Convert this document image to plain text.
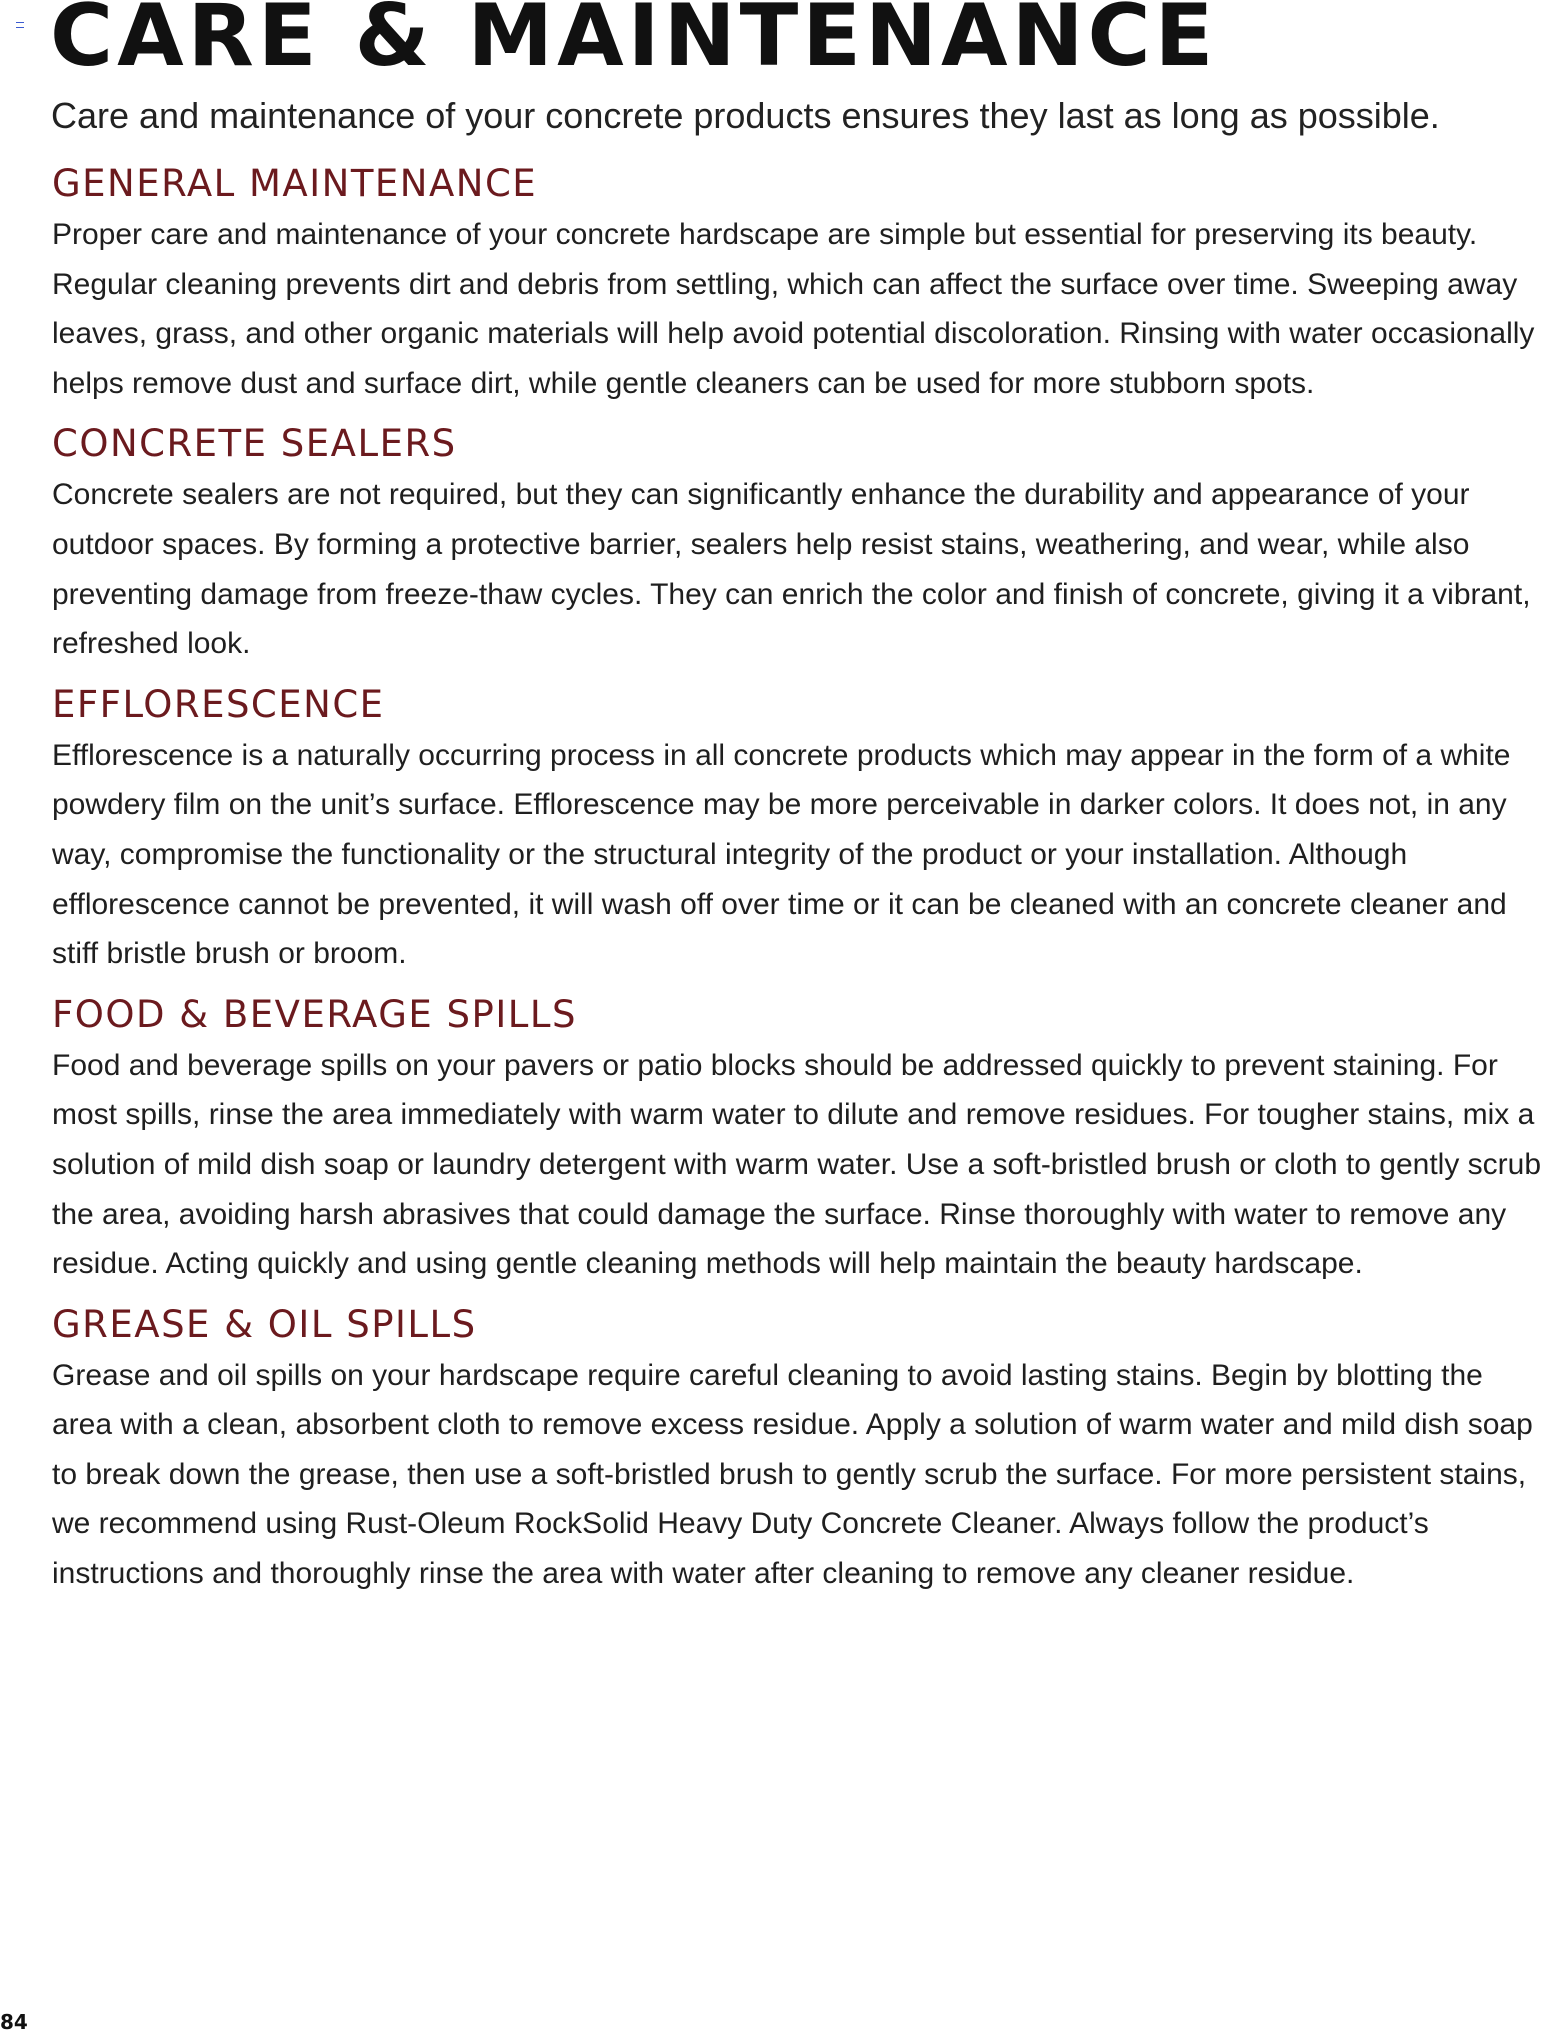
CARE & MAINTENANCE

Care and maintenance of your concrete products ensures they last as long as possible.

GENERAL MAINTENANCE

Proper care and maintenance of your concrete hardscape are simple but essential for preserving its beauty. Regular cleaning prevents dirt and debris from settling, which can affect the surface over time. Sweeping away leaves, grass, and other organic materials will help avoid potential discoloration. Rinsing with water occasionally helps remove dust and surface dirt, while gentle cleaners can be used for more stubborn spots.

CONCRETE SEALERS

Concrete sealers are not required, but they can significantly enhance the durability and appearance of your outdoor spaces. By forming a protective barrier, sealers help resist stains, weathering, and wear, while also preventing damage from freeze-thaw cycles. They can enrich the color and finish of concrete, giving it a vibrant, refreshed look.

EFFLORESCENCE

Efflorescence is a naturally occurring process in all concrete products which may appear in the form of a white powdery film on the unit’s surface. Efflorescence may be more perceivable in darker colors. It does not, in any way, compromise the functionality or the structural integrity of the product or your installation. Although efflorescence cannot be prevented, it will wash off over time or it can be cleaned with an concrete cleaner and stiff bristle brush or broom.

FOOD & BEVERAGE SPILLS

Food and beverage spills on your pavers or patio blocks should be addressed quickly to prevent staining. For most spills, rinse the area immediately with warm water to dilute and remove residues. For tougher stains, mix a solution of mild dish soap or laundry detergent with warm water. Use a soft-bristled brush or cloth to gently scrub the area, avoiding harsh abrasives that could damage the surface. Rinse thoroughly with water to remove any residue. Acting quickly and using gentle cleaning methods will help maintain the beauty hardscape.

GREASE & OIL SPILLS

Grease and oil spills on your hardscape require careful cleaning to avoid lasting stains. Begin by blotting the area with a clean, absorbent cloth to remove excess residue. Apply a solution of warm water and mild dish soap to break down the grease, then use a soft-bristled brush to gently scrub the surface. For more persistent stains, we recommend using Rust-Oleum RockSolid Heavy Duty Concrete Cleaner. Always follow the product’s instructions and thoroughly rinse the area with water after cleaning to remove any cleaner residue.

84
